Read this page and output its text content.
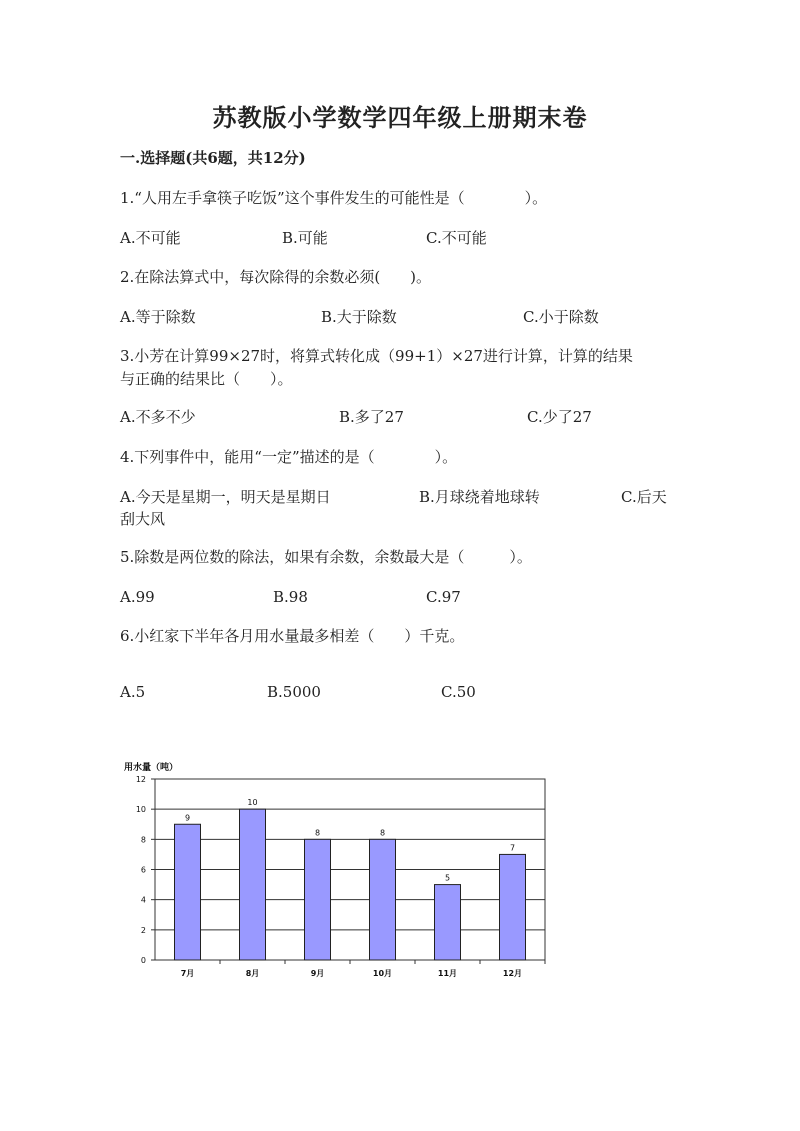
苏教版小学数学四年级上册期末卷
一.选择题(共6题，共12分)
1.“人用左手拿筷子吃饭”这个事件发生的可能性是（　　　　）。
A.不可能	B.可能	C.不可能
2.在除法算式中，每次除得的余数必须(　　)。
A.等于除数	B.大于除数	C.小于除数
3.小芳在计算99×27时，将算式转化成（99+1）×27进行计算，计算的结果
与正确的结果比（　　）。
A.不多不少	B.多了27	C.少了27
4.下列事件中，能用“一定”描述的是（　　　　）。
A.今天是星期一，明天是星期日	B.月球绕着地球转	C.后天
刮大风
5.除数是两位数的除法，如果有余数，余数最大是（　　　）。
A.99	B.98	C.97
6.小红家下半年各月用水量最多相差（　　）千克。
A.5	B.5000	C.50
用水量（吨）
0
2
4
6
8
10
12
9
7月
10
8月
8
9月
8
10月
5
11月
7
12月
